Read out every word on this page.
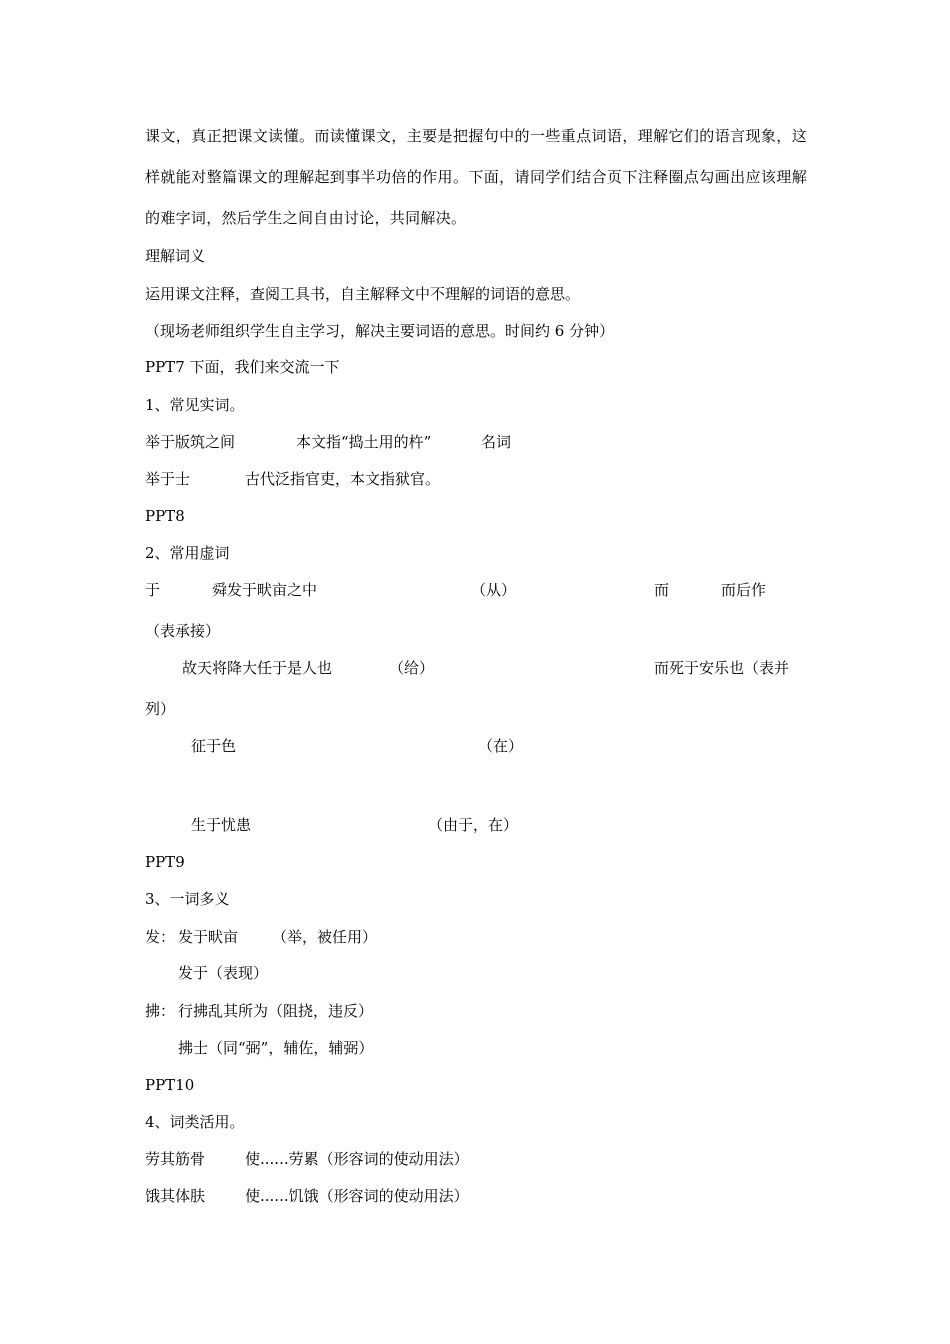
课文，真正把课文读懂。而读懂课文，主要是把握句中的一些重点词语，理解它们的语言现象，这样就能对整篇课文的理解起到事半功倍的作用。下面，请同学们结合页下注释圈点勾画出应该理解的难字词，然后学生之间自由讨论，共同解决。
理解词义
运用课文注释，查阅工具书，自主解释文中不理解的词语的意思。
（现场老师组织学生自主学习，解决主要词语的意思。时间约 6 分钟）
PPT7 下面，我们来交流一下
1、常见实词。
举于版筑之间	本文指“捣土用的杵”	名词
举于士	古代泛指官吏，本文指狱官。
PPT8
2、常用虚词
于	舜发于畎亩之中	（从）	而	而后作
（表承接）
故天将降大任于是人也	（给）	而死于安乐也（表并
列）
征于色	（在）
生于忧患	（由于，在）
PPT9
3、一词多义
发： 发于畎亩 （举，被任用）
发于（表现）
拂： 行拂乱其所为（阻挠，违反）
拂士（同“弼”，辅佐，辅弼）
PPT10
4、词类活用。
劳其筋骨	使......劳累（形容词的使动用法）
饿其体肤	使......饥饿（形容词的使动用法）
